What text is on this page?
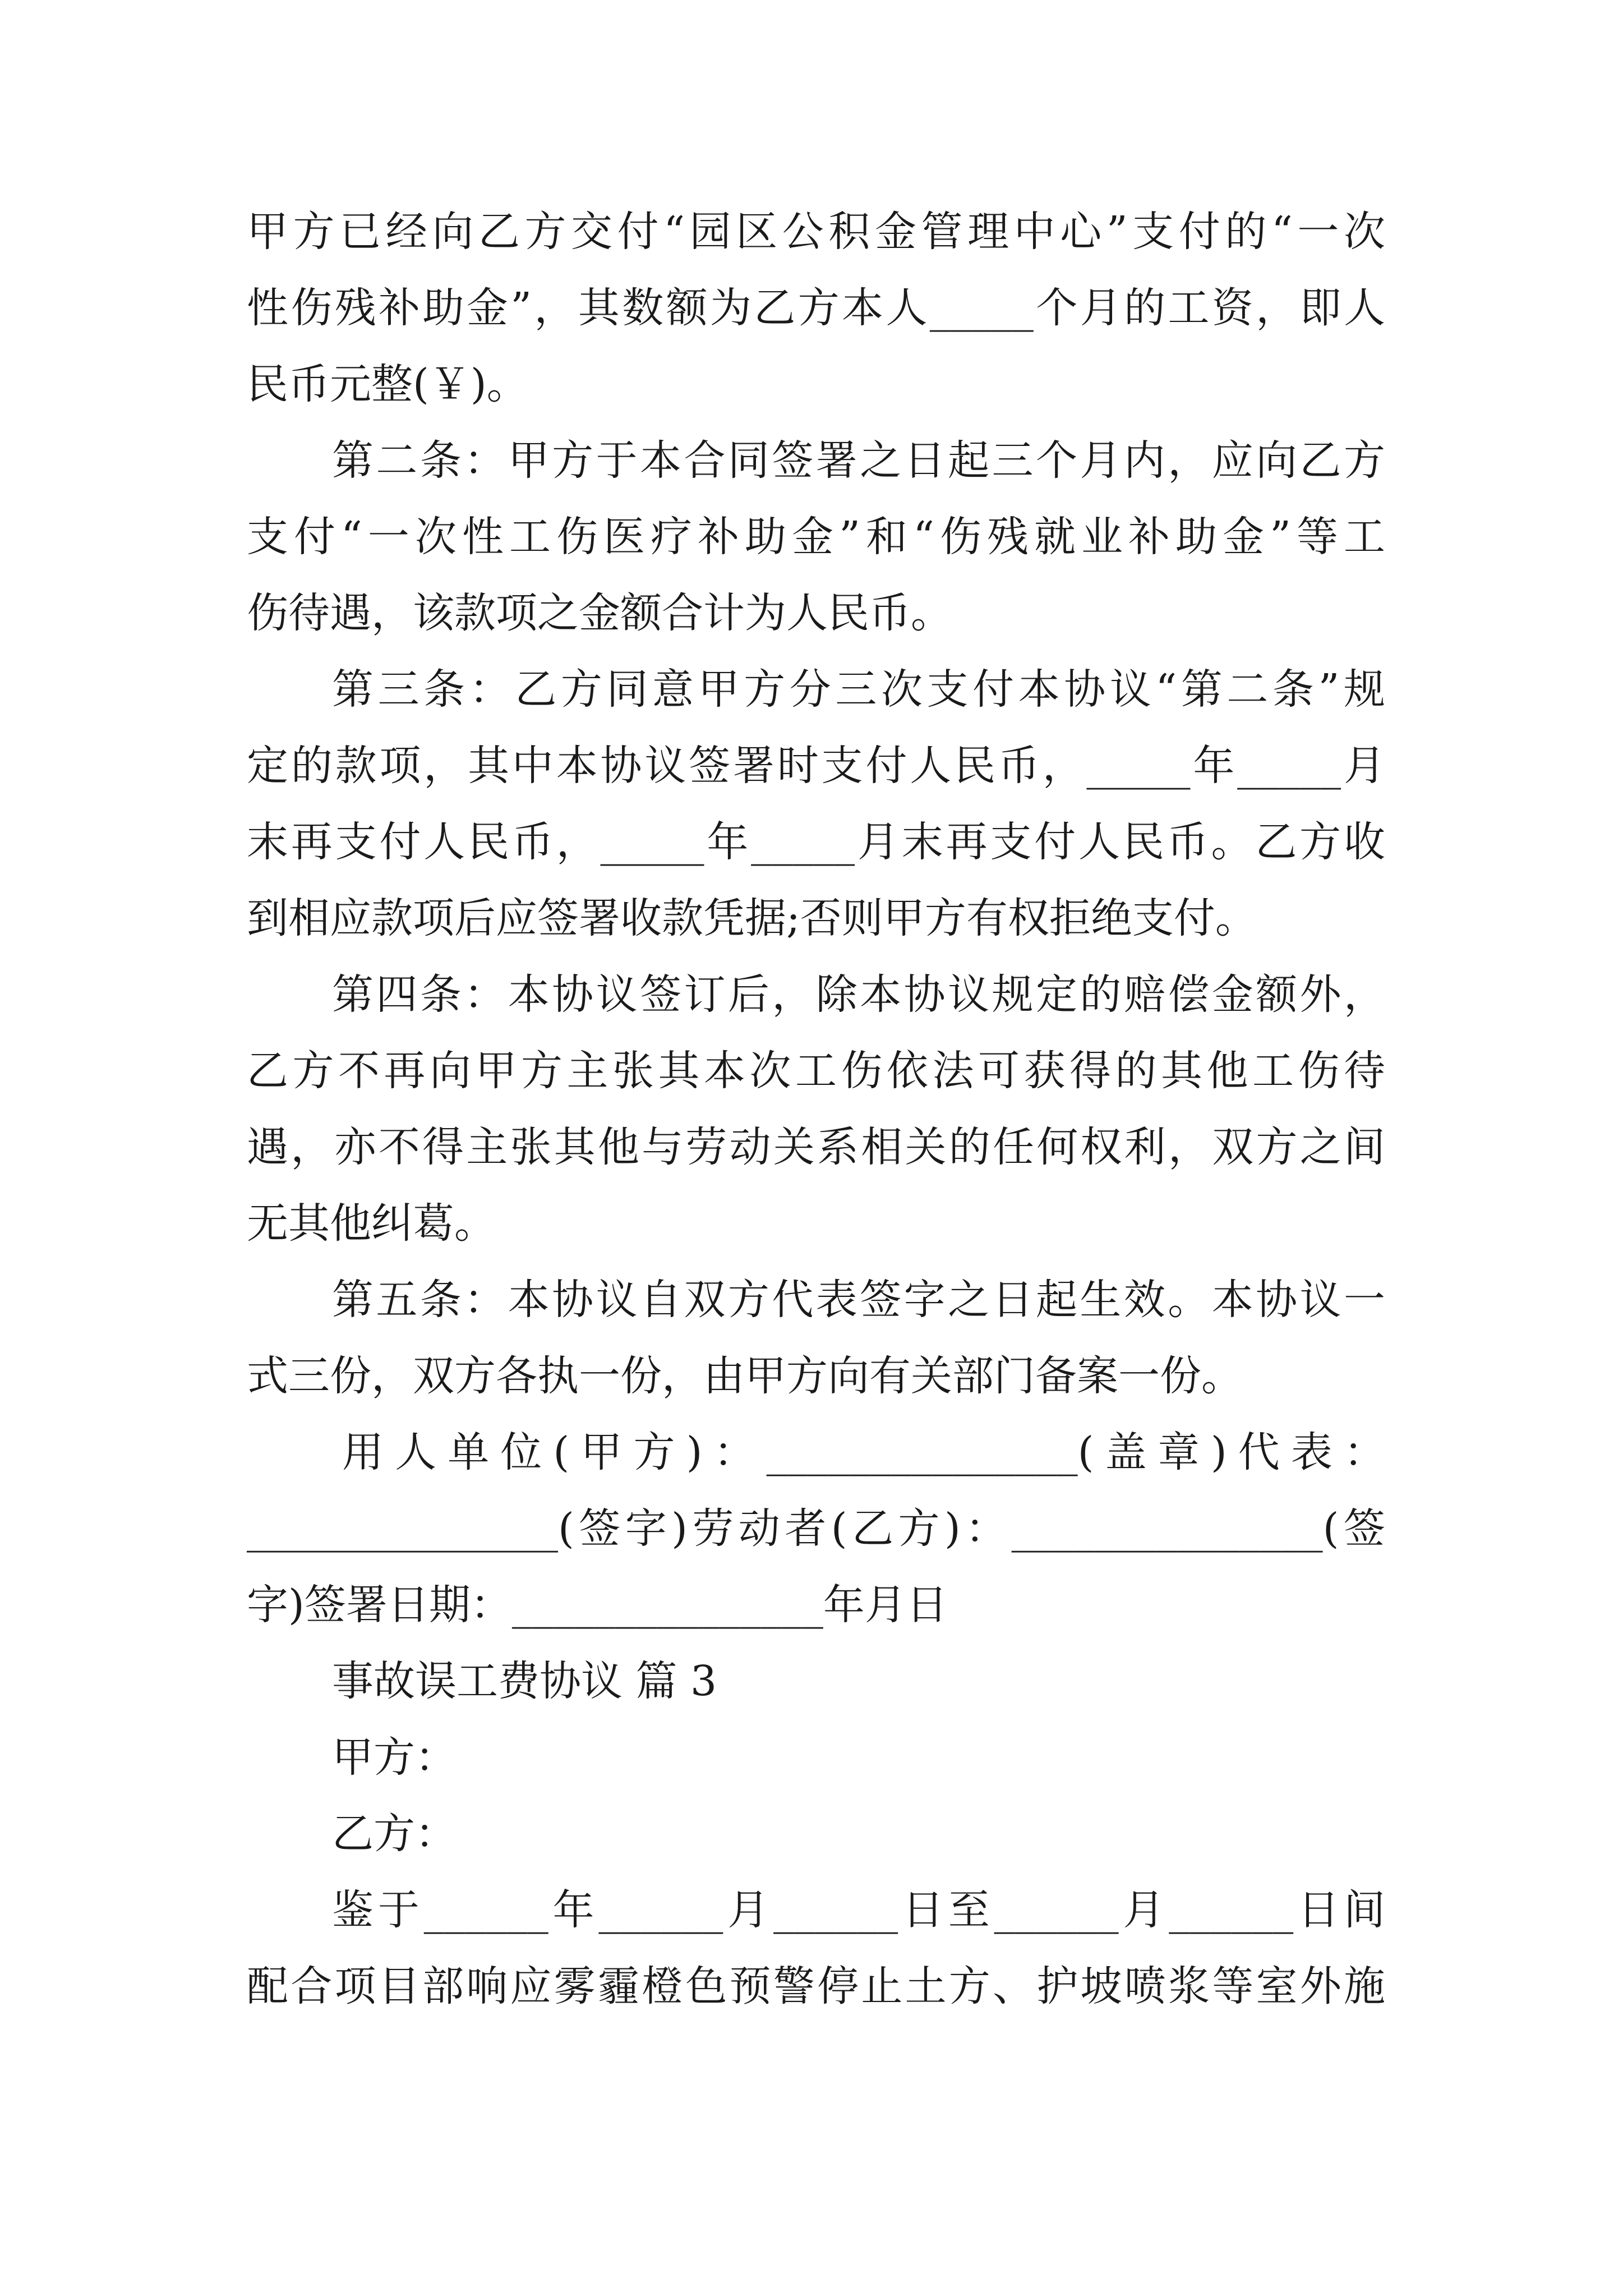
甲方已经向乙方交付“园区公积金管理中心”支付的“一次
性伤残补助金”，其数额为乙方本人_____个月的工资，即人
民币元整(￥)。
第二条：甲方于本合同签署之日起三个月内，应向乙方
支付“一次性工伤医疗补助金”和“伤残就业补助金”等工
伤待遇，该款项之金额合计为人民币。
第三条：乙方同意甲方分三次支付本协议“第二条”规
定的款项，其中本协议签署时支付人民币，_____年_____月
末再支付人民币，_____年_____月末再支付人民币。乙方收
到相应款项后应签署收款凭据;否则甲方有权拒绝支付。
第四条：本协议签订后，除本协议规定的赔偿金额外，
乙方不再向甲方主张其本次工伤依法可获得的其他工伤待
遇，亦不得主张其他与劳动关系相关的任何权利，双方之间
无其他纠葛。
第五条：本协议自双方代表签字之日起生效。本协议一
式三份，双方各执一份，由甲方向有关部门备案一份。
用人单位(甲方)：_______________(盖章)代表：
_______________(签字)劳动者(乙方)：_______________(签
字)签署日期：_______________年月日
事故误工费协议 篇 3
甲方：
乙方：
鉴于______年______月______日至______月______日间
配合项目部响应雾霾橙色预警停止土方、护坡喷浆等室外施
